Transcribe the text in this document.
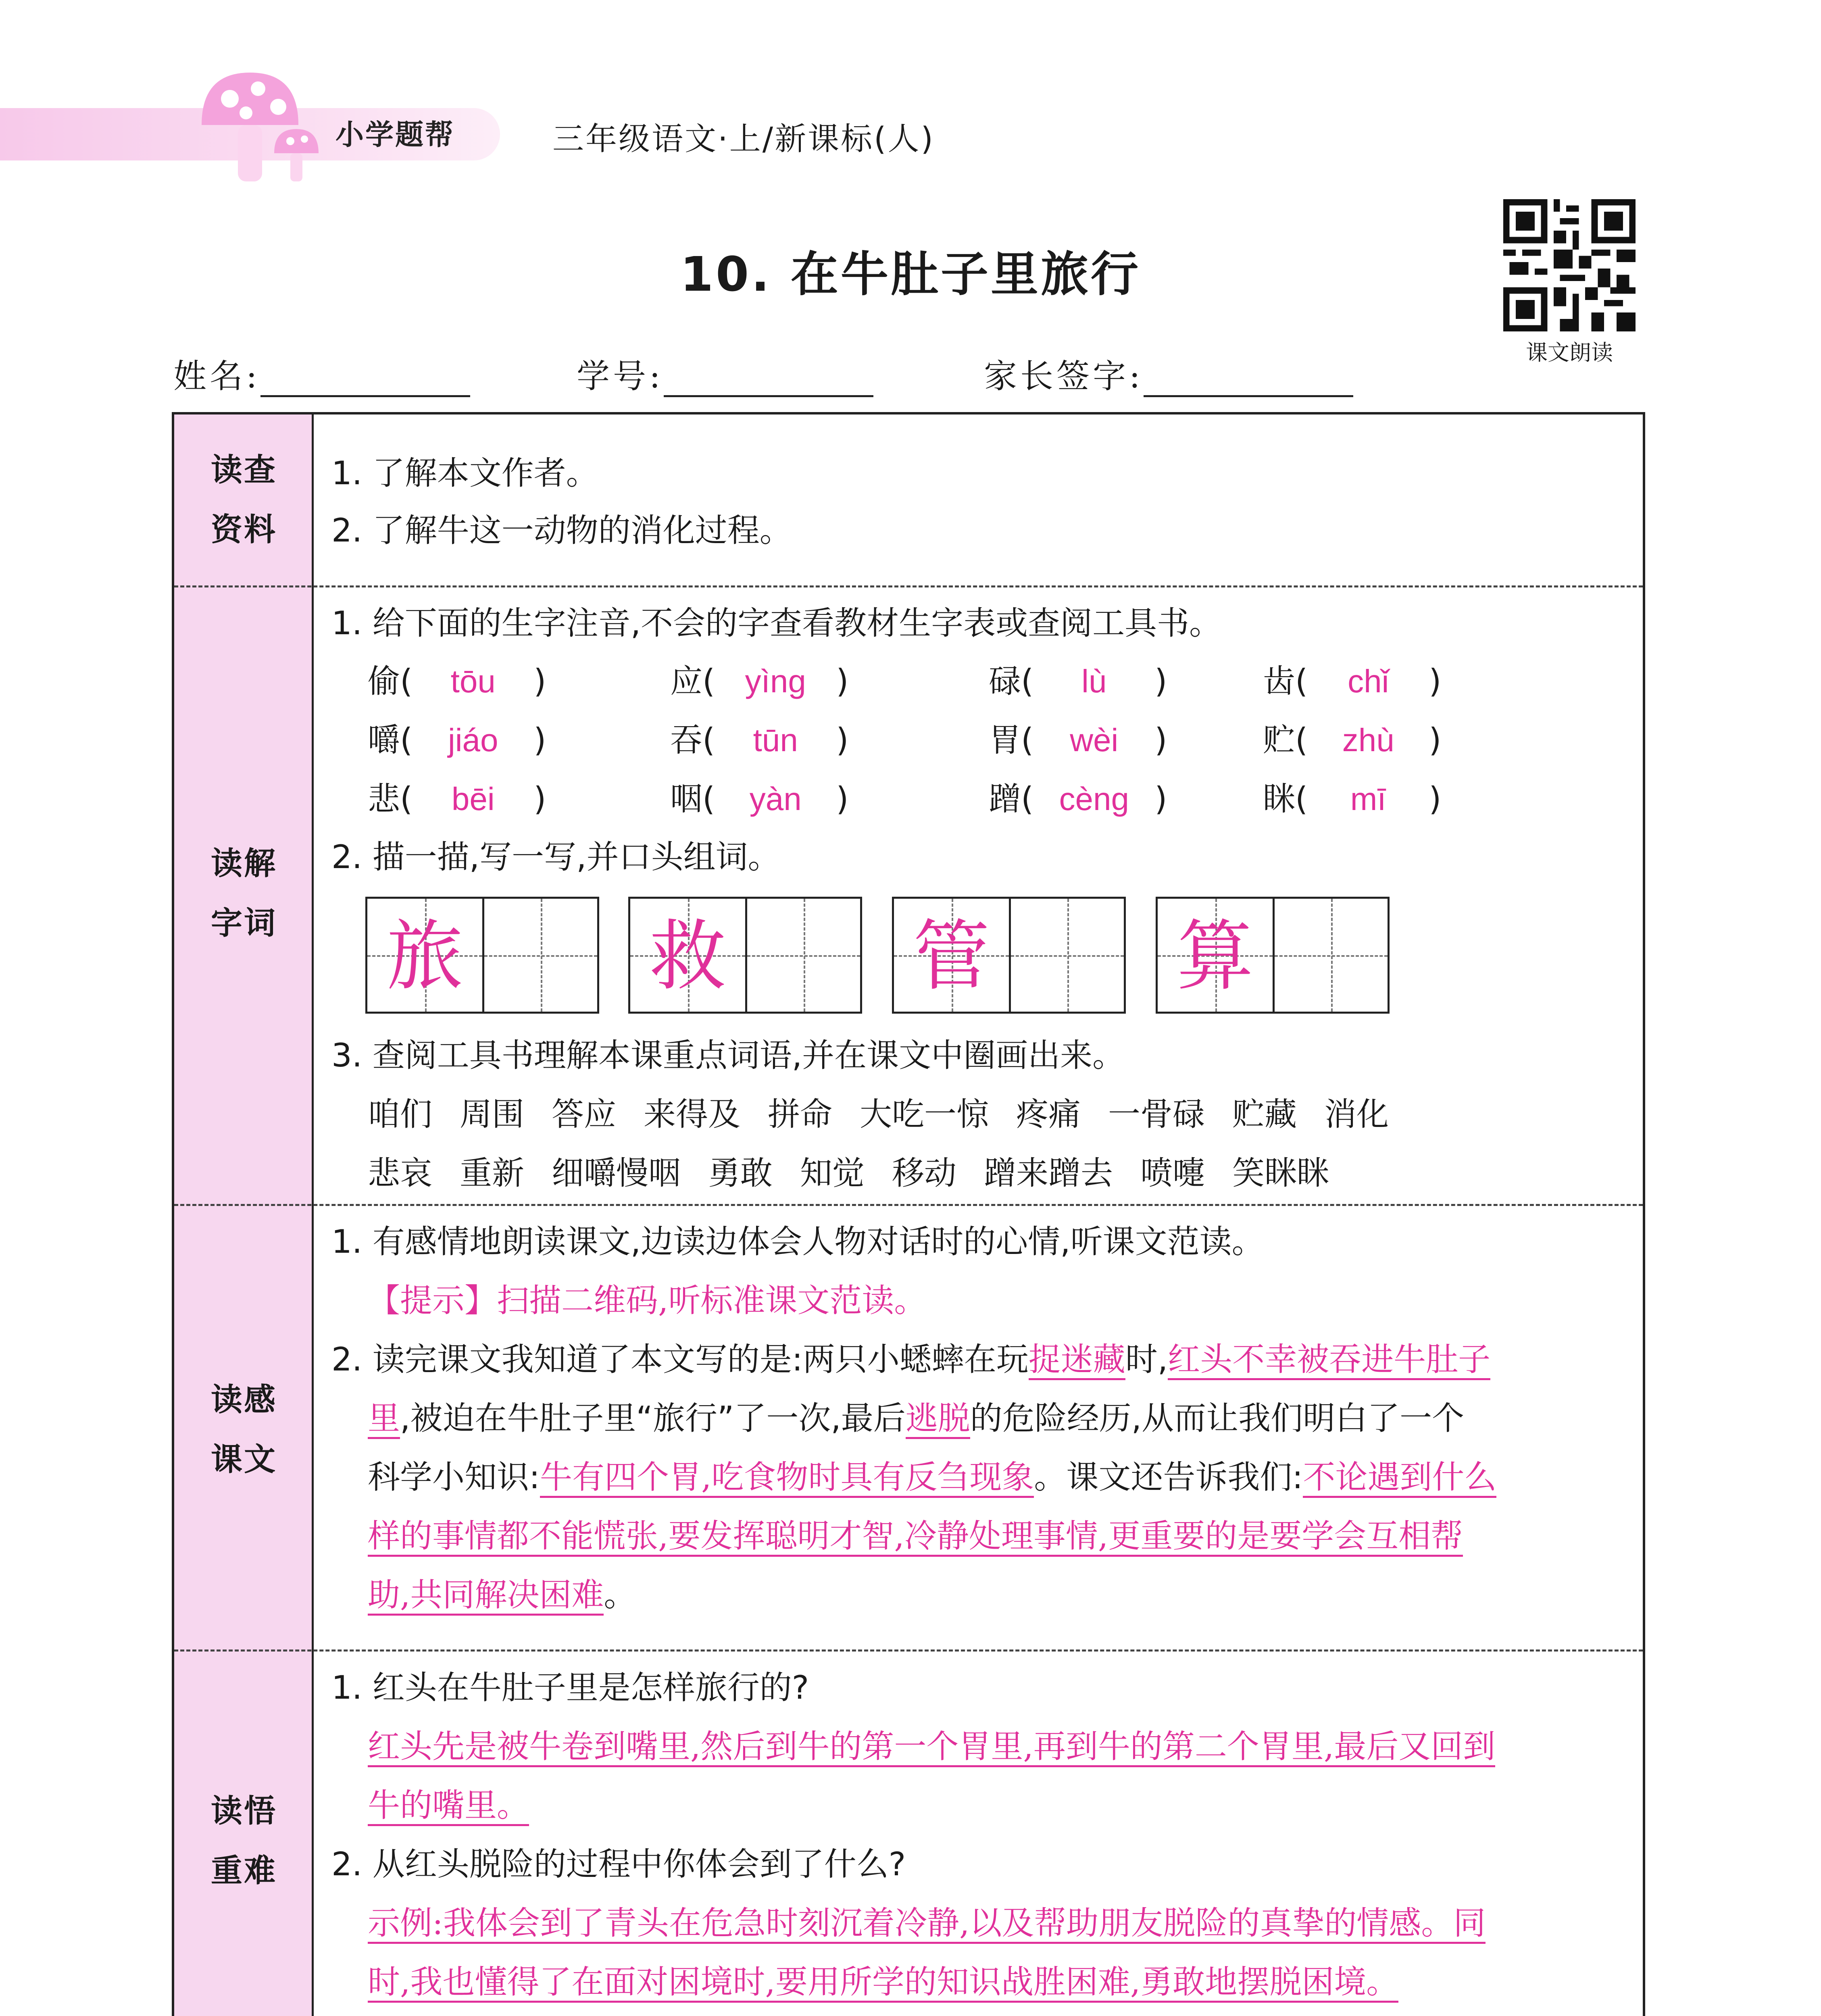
小学题帮	三年级语文·上/新课标(人)
10. 在牛肚子里旅行
课文朗读
姓名:	学号:	家长签字:
读查
资料
1. 了解本文作者。
2. 了解牛这一动物的消化过程。
读解
字词
1. 给下面的生字注音,不会的字查看教材生字表或查阅工具书。
偷( tōu )	应( yìng )	碌( lù )	齿( chǐ )
嚼( jiáo )	吞( tūn )	胃( wèi )	贮( zhù )
悲( bēi )	咽( yàn )	蹭( cèng )	眯( mī )
2. 描一描,写一写,并口头组词。
旅 救 管 算
3. 查阅工具书理解本课重点词语,并在课文中圈画出来。
咱们 周围 答应 来得及 拼命 大吃一惊 疼痛 一骨碌 贮藏 消化
悲哀 重新 细嚼慢咽 勇敢 知觉 移动 蹭来蹭去 喷嚏 笑眯眯
读感
课文
1. 有感情地朗读课文,边读边体会人物对话时的心情,听课文范读。
【提示】扫描二维码,听标准课文范读。
2. 读完课文我知道了本文写的是:两只小蟋蟀在玩捉迷藏时,红头不幸被吞进牛肚子
里,被迫在牛肚子里“旅行”了一次,最后逃脱的危险经历,从而让我们明白了一个
科学小知识:牛有四个胃,吃食物时具有反刍现象。课文还告诉我们:不论遇到什么
样的事情都不能慌张,要发挥聪明才智,冷静处理事情,更重要的是要学会互相帮
助,共同解决困难。
读悟
重难
1. 红头在牛肚子里是怎样旅行的?
红头先是被牛卷到嘴里,然后到牛的第一个胃里,再到牛的第二个胃里,最后又回到
牛的嘴里。
2. 从红头脱险的过程中你体会到了什么?
示例:我体会到了青头在危急时刻沉着冷静,以及帮助朋友脱险的真挚的情感。同
时,我也懂得了在面对困境时,要用所学的知识战胜困难,勇敢地摆脱困境。
